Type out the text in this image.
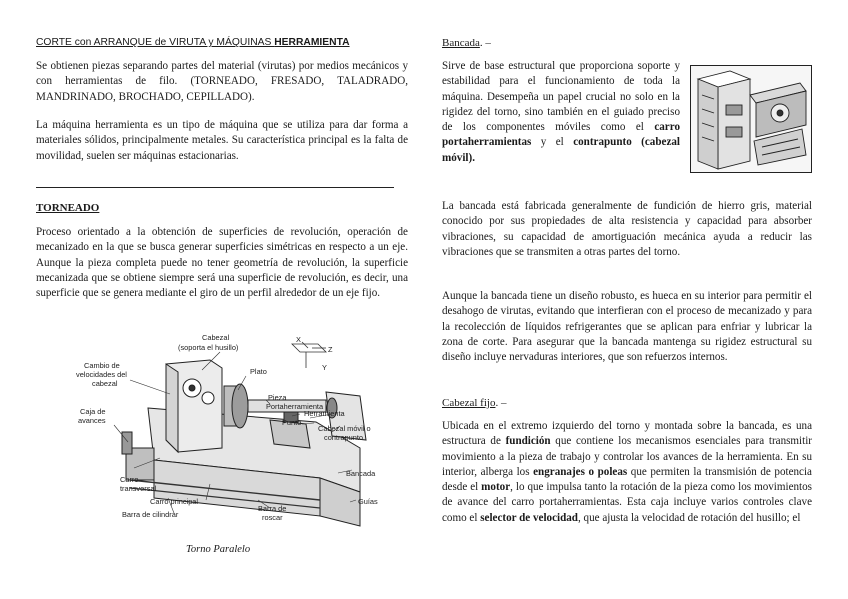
CORTE con ARRANQUE de VIRUTA y MÁQUINAS HERRAMIENTA

Se obtienen piezas separando partes del material (virutas) por medios mecánicos y con herramientas de filo. (TORNEADO, FRESADO, TALADRADO, MANDRINADO, BROCHADO, CEPILLADO).

La máquina herramienta es un tipo de máquina que se utiliza para dar forma a materiales sólidos, principalmente metales. Su característica principal es la falta de movilidad, suelen ser máquinas estacionarias.

TORNEADO

Proceso orientado a la obtención de superficies de revolución, operación de mecanizado en la que se busca generar superficies simétricas en respecto a un eje. Aunque la pieza completa puede no tener geometría de revolución, la superficie mecanizada que se obtiene siempre será una superficie de revolución, es decir, una superficie que se genera mediante el giro de un perfil alrededor de un eje fijo.

X
Z
Y
Cabezal
(soporta el husillo)
Cambio de
velocidades del
cabezal
Plato
Caja de
avances
Pieza
Portaherramienta
Herramienta
Punto
Cabezal móvil o
contrapunto
Carro
transversal
Bancada
Carro principal	Guías
Barra de cilindrar
Barra de
roscar
Torno Paralelo
Bancada. –

Sirve de base estructural que proporciona soporte y estabilidad para el funcionamiento de toda la máquina. Desempeña un papel crucial no solo en la rigidez del torno, sino también en el guiado preciso de los componentes móviles como el carro portaherramientas y el contrapunto (cabezal móvil).

La bancada está fabricada generalmente de fundición de hierro gris, material conocido por sus propiedades de alta resistencia y capacidad para absorber vibraciones, su capacidad de amortiguación mecánica ayuda a reducir las vibraciones que se transmiten a otras partes del torno.

Aunque la bancada tiene un diseño robusto, es hueca en su interior para permitir el desahogo de virutas, evitando que interfieran con el proceso de mecanizado y para la recolección de líquidos refrigerantes que se aplican para enfriar y lubricar la zona de corte. Para asegurar que la bancada mantenga su rigidez estructural su diseño incluye nervaduras interiores, que son refuerzos internos.

Cabezal fijo. –

Ubicada en el extremo izquierdo del torno y montada sobre la bancada, es una estructura de fundición que contiene los mecanismos esenciales para transmitir movimiento a la pieza de trabajo y controlar los avances de la herramienta. En su interior, alberga los engranajes o poleas que permiten la transmisión de potencia desde el motor, lo que impulsa tanto la rotación de la pieza como los movimientos de avance del carro portaherramientas. Esta caja incluye varios controles clave como el selector de velocidad, que ajusta la velocidad de rotación del husillo; el
